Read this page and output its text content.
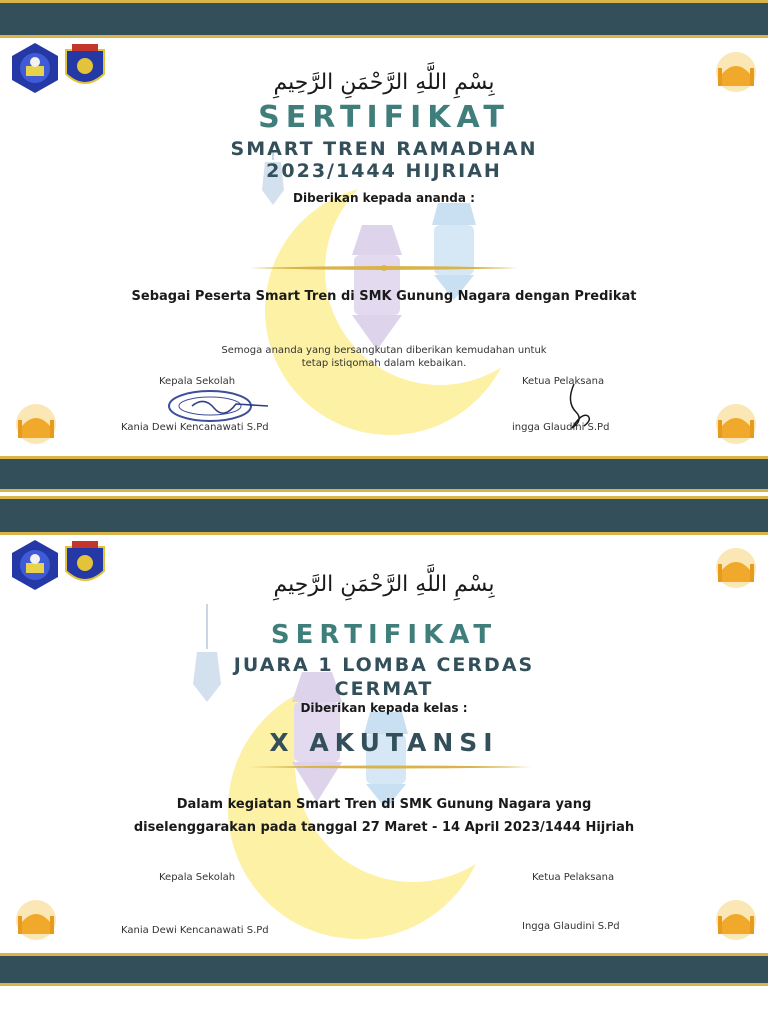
بِسْمِ اللَّهِ الرَّحْمَنِ الرَّحِيمِ
SERTIFIKAT
SMART TREN RAMADHAN
2023/1444 HIJRIAH
Diberikan kepada ananda :
Sebagai Peserta Smart Tren di SMK Gunung Nagara dengan Predikat
Semoga ananda yang bersangkutan diberikan kemudahan untuk
tetap istiqomah dalam kebaikan.
Kepala Sekolah	Ketua Pelaksana
Kania Dewi Kencanawati S.Pd	ingga Glaudini S.Pd
بِسْمِ اللَّهِ الرَّحْمَنِ الرَّحِيمِ
SERTIFIKAT
JUARA 1 LOMBA CERDAS
CERMAT
Diberikan kepada kelas :
X AKUTANSI
Dalam kegiatan Smart Tren di SMK Gunung Nagara yang
diselenggarakan pada tanggal 27 Maret - 14 April 2023/1444 Hijriah
Kepala Sekolah	Ketua Pelaksana
Kania Dewi Kencanawati S.Pd	Ingga Glaudini S.Pd
